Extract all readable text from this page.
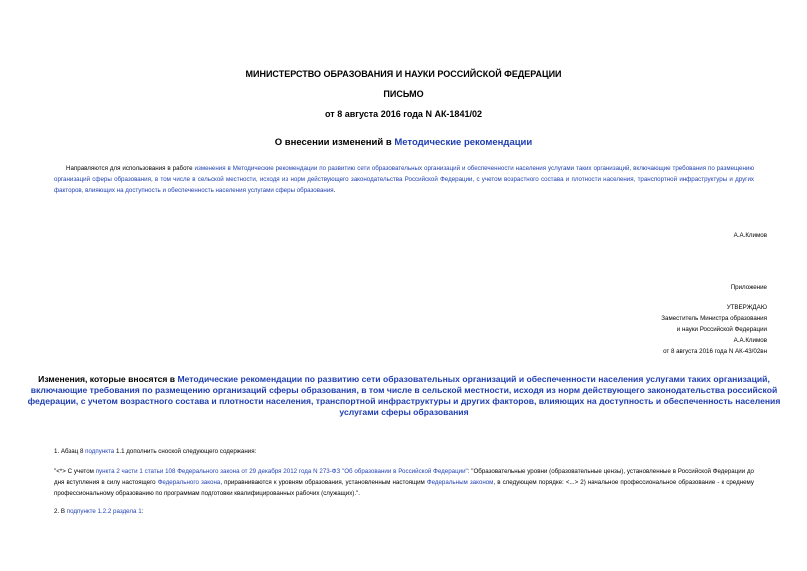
МИНИСТЕРСТВО ОБРАЗОВАНИЯ И НАУКИ РОССИЙСКОЙ ФЕДЕРАЦИИ
ПИСЬМО
от 8 августа 2016 года N АК-1841/02
О внесении изменений в Методические рекомендации
Направляются для использования в работе изменения в Методические рекомендации по развитию сети образовательных организаций и обеспеченности населения услугами таких организаций, включающие требования по размещению организаций сферы образования, в том числе в сельской местности, исходя из норм действующего законодательства Российской Федерации, с учетом возрастного состава и плотности населения, транспортной инфраструктуры и других факторов, влияющих на доступность и обеспеченность населения услугами сферы образования.
А.А.Климов
Приложение
УТВЕРЖДАЮ
Заместитель Министра образования
и науки Российской Федерации
А.А.Климов
от 8 августа 2016 года N АК-43/02вн
Изменения, которые вносятся в Методические рекомендации по развитию сети образовательных организаций и обеспеченности населения услугами таких организаций, включающие требования по размещению организаций сферы образования, в том числе в сельской местности, исходя из норм действующего законодательства российской федерации, с учетом возрастного состава и плотности населения, транспортной инфраструктуры и других факторов, влияющих на доступность и обеспеченность населения услугами сферы образования
1. Абзац 8 подпункта 1.1 дополнить сноской следующего содержания:
"<*> С учетом пункта 2 части 1 статьи 108 Федерального закона от 29 декабря 2012 года N 273-ФЗ "Об образовании в Российской Федерации": "Образовательные уровни (образовательные цензы), установленные в Российской Федерации до дня вступления в силу настоящего Федерального закона, приравниваются к уровням образования, установленным настоящим Федеральным законом, в следующем порядке: <...> 2) начальное профессиональное образование - к среднему профессиональному образованию по программам подготовки квалифицированных рабочих (служащих).".
2. В подпункте 1.2.2 раздела 1:
